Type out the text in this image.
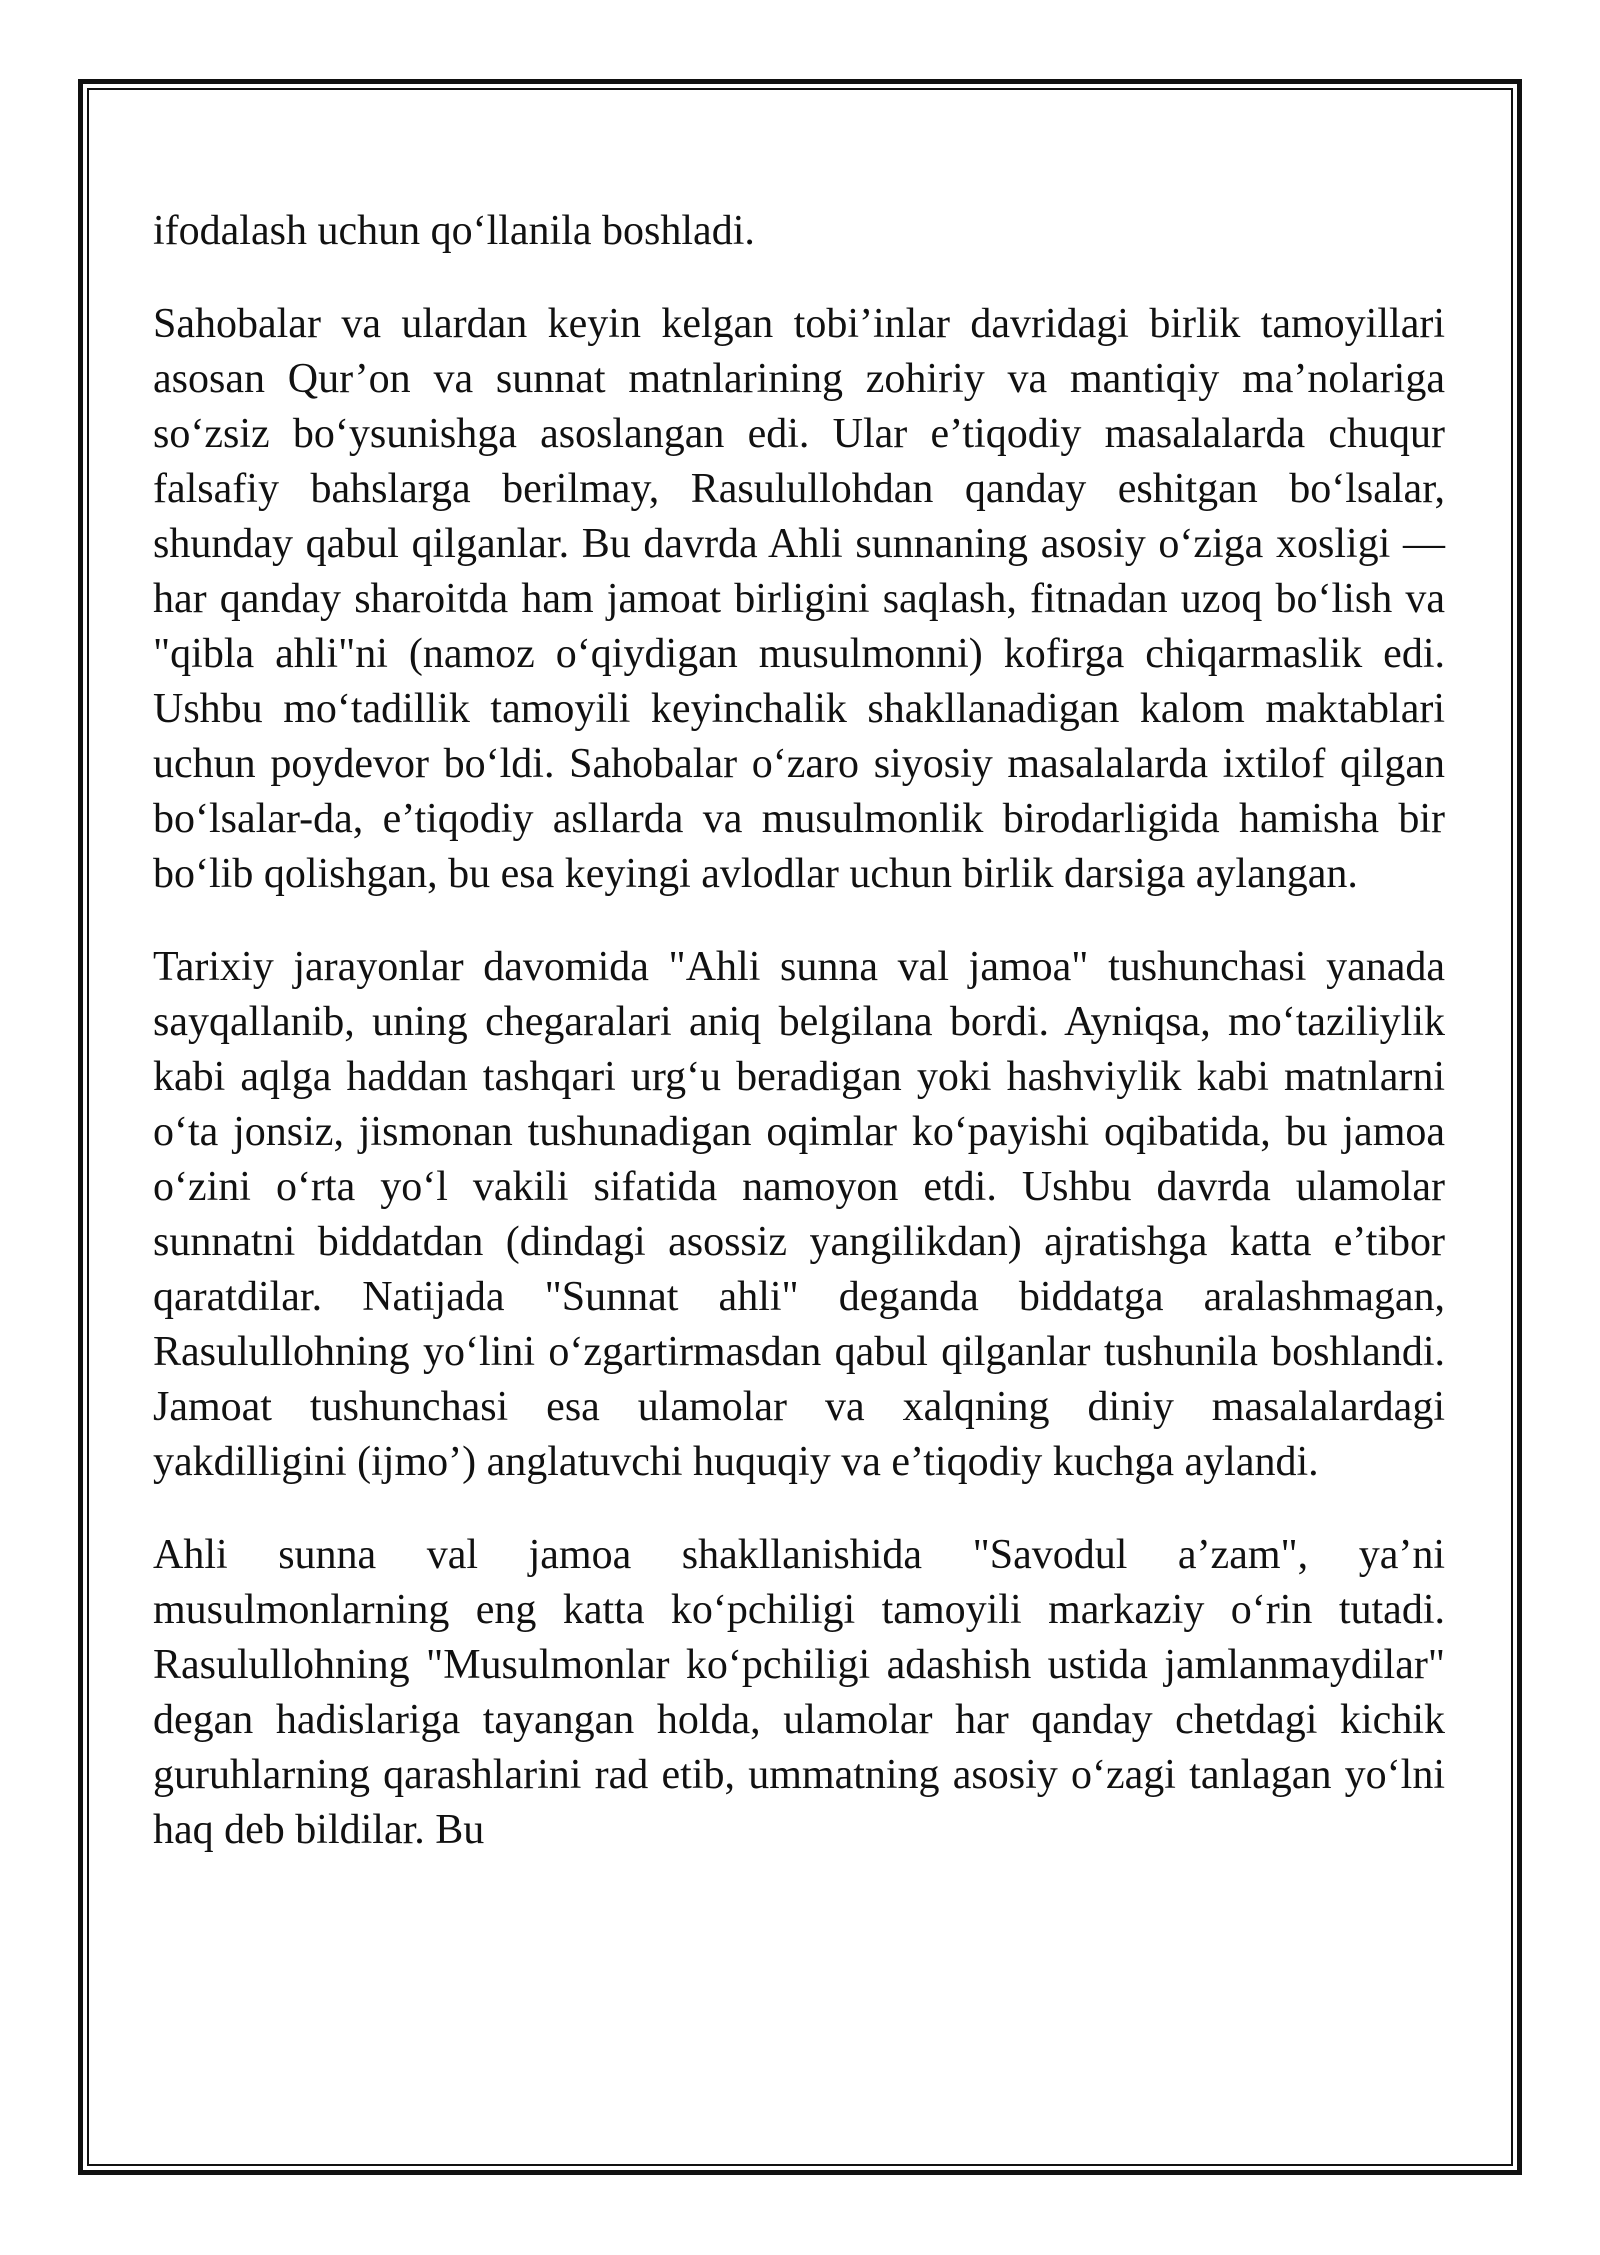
ifodalash uchun qo‘llanila boshladi.

Sahobalar va ulardan keyin kelgan tobi’inlar davridagi birlik tamoyillari asosan Qur’on va sunnat matnlarining zohiriy va mantiqiy ma’nolariga so‘zsiz bo‘ysunishga asoslangan edi. Ular e’tiqodiy masalalarda chuqur falsafiy bahslarga berilmay, Rasulullohdan qanday eshitgan bo‘lsalar, shunday qabul qilganlar. Bu davrda Ahli sunnaning asosiy o‘ziga xosligi — har qanday sharoitda ham jamoat birligini saqlash, fitnadan uzoq bo‘lish va "qibla ahli"ni (namoz o‘qiydigan musulmonni) kofirga chiqarmaslik edi. Ushbu mo‘tadillik tamoyili keyinchalik shakllanadigan kalom maktablari uchun poydevor bo‘ldi. Sahobalar o‘zaro siyosiy masalalarda ixtilof qilgan bo‘lsalar-da, e’tiqodiy asllarda va musulmonlik birodarligida hamisha bir bo‘lib qolishgan, bu esa keyingi avlodlar uchun birlik darsiga aylangan.

Tarixiy jarayonlar davomida "Ahli sunna val jamoa" tushunchasi yanada sayqallanib, uning chegaralari aniq belgilana bordi. Ayniqsa, mo‘taziliylik kabi aqlga haddan tashqari urg‘u beradigan yoki hashviylik kabi matnlarni o‘ta jonsiz, jismonan tushunadigan oqimlar ko‘payishi oqibatida, bu jamoa o‘zini o‘rta yo‘l vakili sifatida namoyon etdi. Ushbu davrda ulamolar sunnatni biddatdan (dindagi asossiz yangilikdan) ajratishga katta e’tibor qaratdilar. Natijada "Sunnat ahli" deganda biddatga aralashmagan, Rasulullohning yo‘lini o‘zgartirmasdan qabul qilganlar tushunila boshlandi. Jamoat tushunchasi esa ulamolar va xalqning diniy masalalardagi yakdilligini (ijmo’) anglatuvchi huquqiy va e’tiqodiy kuchga aylandi.

Ahli sunna val jamoa shakllanishida "Savodul a’zam", ya’ni musulmonlarning eng katta ko‘pchiligi tamoyili markaziy o‘rin tutadi. Rasulullohning "Musulmonlar ko‘pchiligi adashish ustida jamlanmaydilar" degan hadislariga tayangan holda, ulamolar har qanday chetdagi kichik guruhlarning qarashlarini rad etib, ummatning asosiy o‘zagi tanlagan yo‘lni haq deb bildilar. Bu
